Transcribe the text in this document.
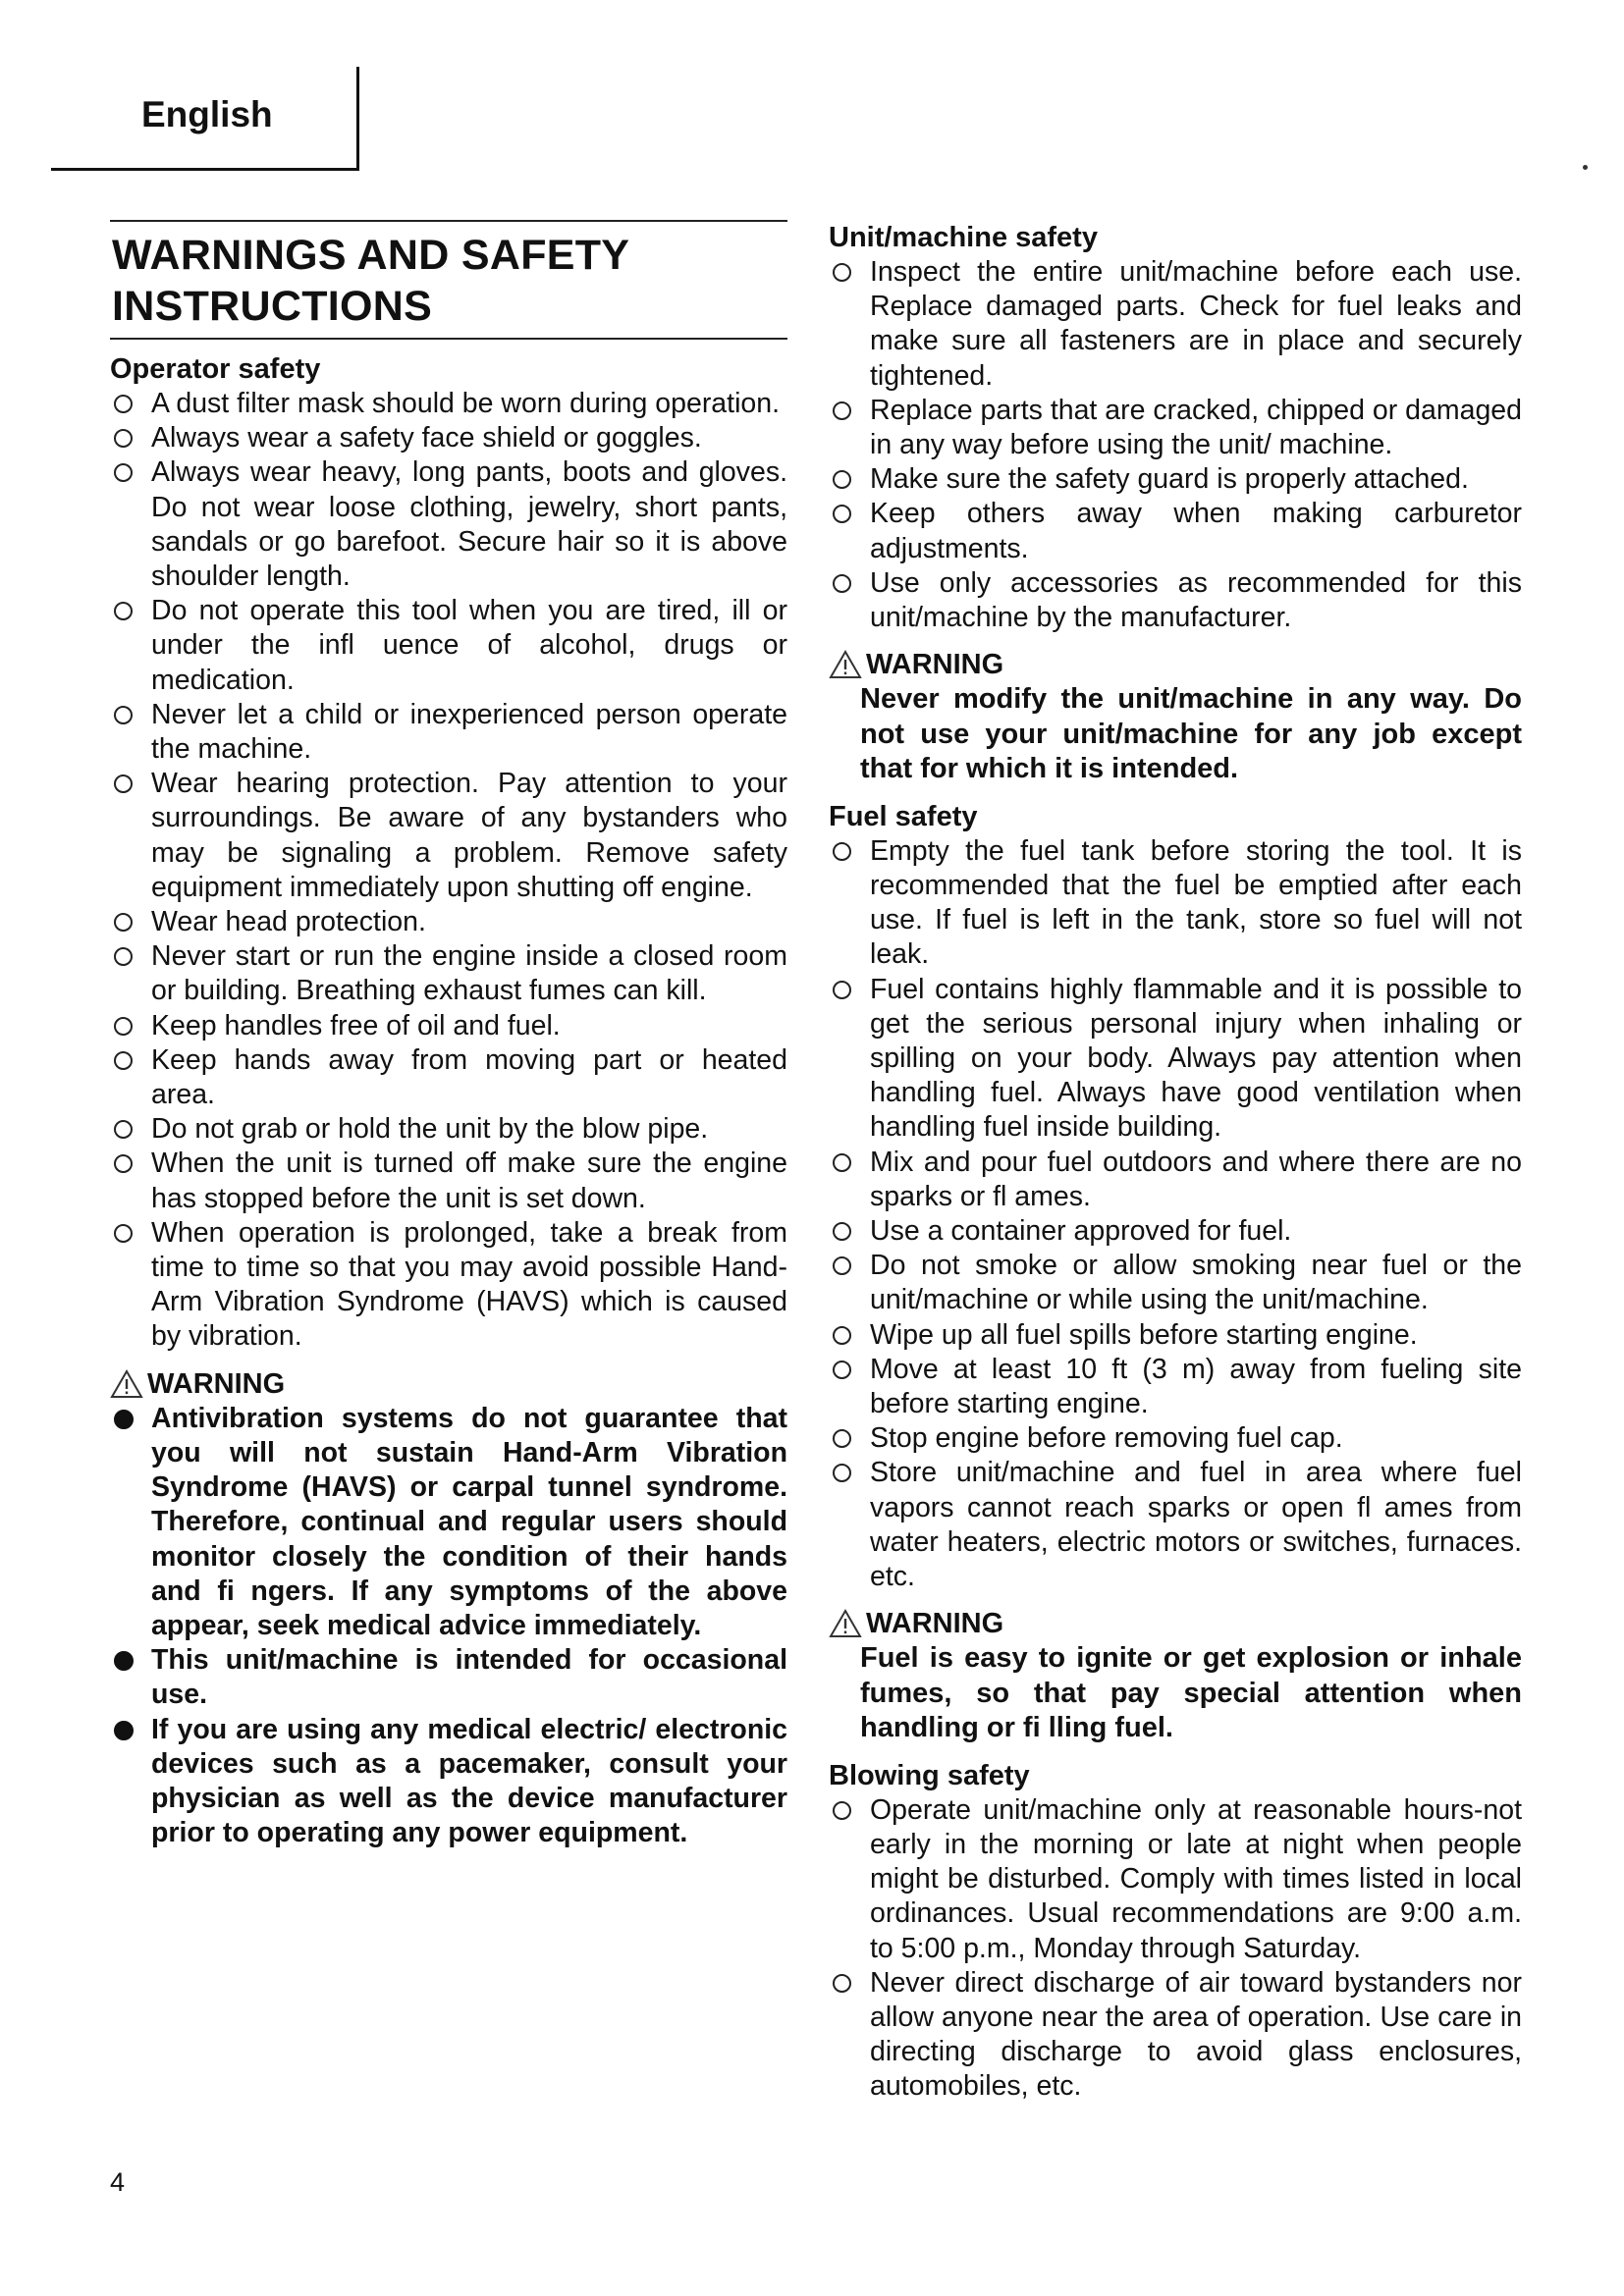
English
WARNINGS AND SAFETY INSTRUCTIONS
Operator safety
A dust filter mask should be worn during operation.
Always wear a safety face shield or goggles.
Always wear heavy, long pants, boots and gloves. Do not wear loose clothing, jewelry, short pants, sandals or go barefoot. Secure hair so it is above shoulder length.
Do not operate this tool when you are tired, ill or under the infl uence of alcohol, drugs or medication.
Never let a child or inexperienced person operate the machine.
Wear hearing protection. Pay attention to your surroundings. Be aware of any bystanders who may be signaling a problem. Remove safety equipment immediately upon shutting off engine.
Wear head protection.
Never start or run the engine inside a closed room or building. Breathing exhaust fumes can kill.
Keep handles free of oil and fuel.
Keep hands away from moving part or heated area.
Do not grab or hold the unit by the blow pipe.
When the unit is turned off make sure the engine has stopped before the unit is set down.
When operation is prolonged, take a break from time to time so that you may avoid possible Hand-Arm Vibration Syndrome (HAVS) which is caused by vibration.
WARNING
Antivibration systems do not guarantee that you will not sustain Hand-Arm Vibration Syndrome (HAVS) or carpal tunnel syndrome. Therefore, continual and regular users should monitor closely the condition of their hands and fi ngers. If any symptoms of the above appear, seek medical advice immediately.
This unit/machine is intended for occasional use.
If you are using any medical electric/ electronic devices such as a pacemaker, consult your physician as well as the device manufacturer prior to operating any power equipment.
Unit/machine safety
Inspect the entire unit/machine before each use. Replace damaged parts. Check for fuel leaks and make sure all fasteners are in place and securely tightened.
Replace parts that are cracked, chipped or damaged in any way before using the unit/ machine.
Make sure the safety guard is properly attached.
Keep others away when making carburetor adjustments.
Use only accessories as recommended for this unit/machine by the manufacturer.
WARNING
Never modify the unit/machine in any way. Do not use your unit/machine for any job except that for which it is intended.
Fuel safety
Empty the fuel tank before storing the tool. It is recommended that the fuel be emptied after each use. If fuel is left in the tank, store so fuel will not leak.
Fuel contains highly flammable and it is possible to get the serious personal injury when inhaling or spilling on your body. Always pay attention when handling fuel. Always have good ventilation when handling fuel inside building.
Mix and pour fuel outdoors and where there are no sparks or fl ames.
Use a container approved for fuel.
Do not smoke or allow smoking near fuel or the unit/machine or while using the unit/machine.
Wipe up all fuel spills before starting engine.
Move at least 10 ft (3 m) away from fueling site before starting engine.
Stop engine before removing fuel cap.
Store unit/machine and fuel in area where fuel vapors cannot reach sparks or open fl ames from water heaters, electric motors or switches, furnaces. etc.
WARNING
Fuel is easy to ignite or get explosion or inhale fumes, so that pay special attention when handling or fi lling fuel.
Blowing safety
Operate unit/machine only at reasonable hours-not early in the morning or late at night when people might be disturbed. Comply with times listed in local ordinances. Usual recommendations are 9:00 a.m. to 5:00 p.m., Monday through Saturday.
Never direct discharge of air toward bystanders nor allow anyone near the area of operation. Use care in directing discharge to avoid glass enclosures, automobiles, etc.
4
